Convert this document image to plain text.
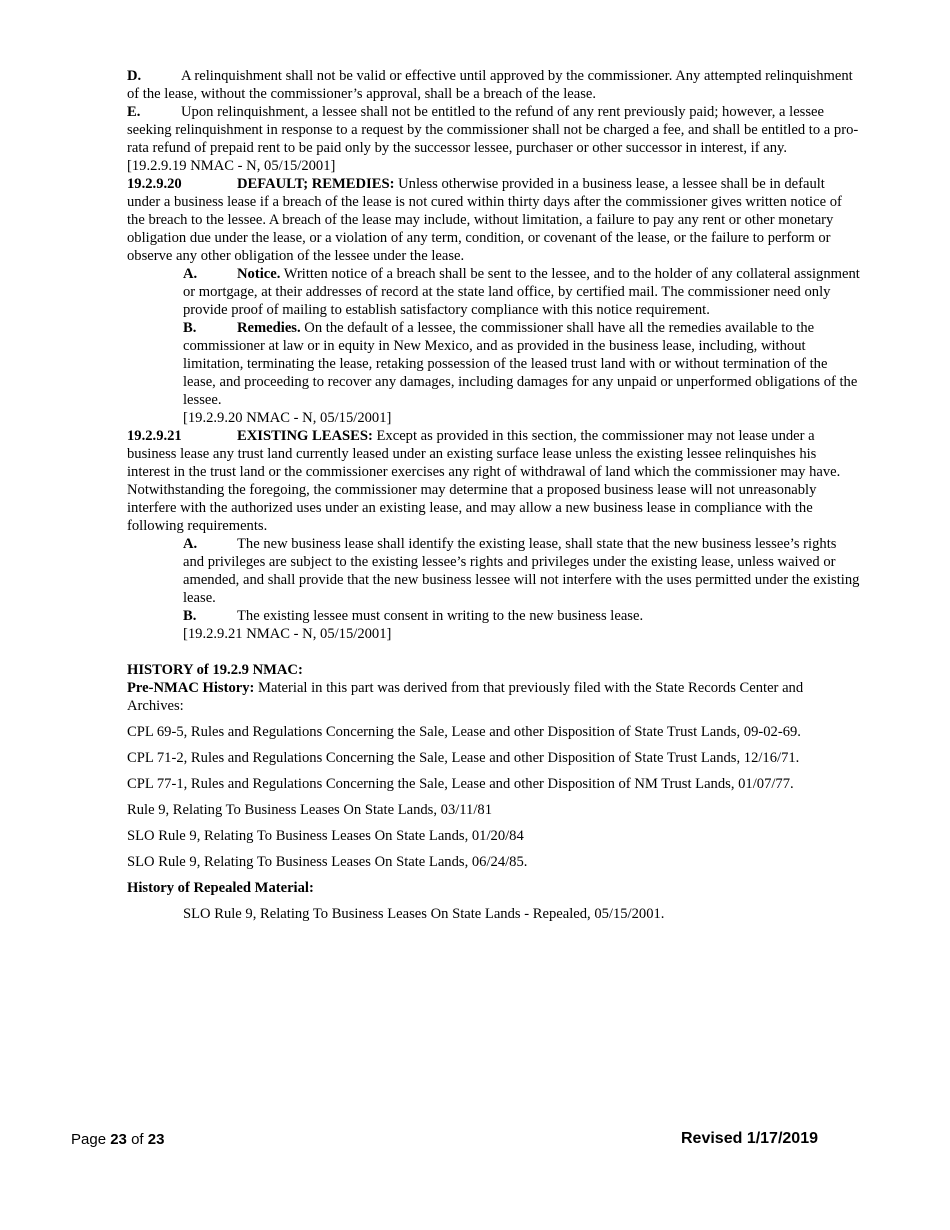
D.	A relinquishment shall not be valid or effective until approved by the commissioner. Any attempted relinquishment of the lease, without the commissioner’s approval, shall be a breach of the lease.

E.	Upon relinquishment, a lessee shall not be entitled to the refund of any rent previously paid; however, a lessee seeking relinquishment in response to a request by the commissioner shall not be charged a fee, and shall be entitled to a pro-rata refund of prepaid rent to be paid only by the successor lessee, purchaser or other successor in interest, if any.

[19.2.9.19 NMAC - N, 05/15/2001]

19.2.9.20	DEFAULT; REMEDIES: Unless otherwise provided in a business lease, a lessee shall be in default under a business lease if a breach of the lease is not cured within thirty days after the commissioner gives written notice of the breach to the lessee. A breach of the lease may include, without limitation, a failure to pay any rent or other monetary obligation due under the lease, or a violation of any term, condition, or covenant of the lease, or the failure to perform or observe any other obligation of the lessee under the lease.

A.	Notice. Written notice of a breach shall be sent to the lessee, and to the holder of any collateral assignment or mortgage, at their addresses of record at the state land office, by certified mail. The commissioner need only provide proof of mailing to establish satisfactory compliance with this notice requirement.

B.	Remedies. On the default of a lessee, the commissioner shall have all the remedies available to the commissioner at law or in equity in New Mexico, and as provided in the business lease, including, without limitation, terminating the lease, retaking possession of the leased trust land with or without termination of the lease, and proceeding to recover any damages, including damages for any unpaid or unperformed obligations of the lessee.

[19.2.9.20 NMAC - N, 05/15/2001]

19.2.9.21	EXISTING LEASES: Except as provided in this section, the commissioner may not lease under a business lease any trust land currently leased under an existing surface lease unless the existing lessee relinquishes his interest in the trust land or the commissioner exercises any right of withdrawal of land which the commissioner may have. Notwithstanding the foregoing, the commissioner may determine that a proposed business lease will not unreasonably interfere with the authorized uses under an existing lease, and may allow a new business lease in compliance with the following requirements.

A.	The new business lease shall identify the existing lease, shall state that the new business lessee’s rights and privileges are subject to the existing lessee’s rights and privileges under the existing lease, unless waived or amended, and shall provide that the new business lessee will not interfere with the uses permitted under the existing lease.

B.	The existing lessee must consent in writing to the new business lease.

[19.2.9.21 NMAC - N, 05/15/2001]

HISTORY of 19.2.9 NMAC:

Pre-NMAC History: Material in this part was derived from that previously filed with the State Records Center and Archives:

CPL 69-5, Rules and Regulations Concerning the Sale, Lease and other Disposition of State Trust Lands, 09-02-69.

CPL 71-2, Rules and Regulations Concerning the Sale, Lease and other Disposition of State Trust Lands, 12/16/71.

CPL 77-1, Rules and Regulations Concerning the Sale, Lease and other Disposition of NM Trust Lands, 01/07/77.

Rule 9, Relating To Business Leases On State Lands, 03/11/81

SLO Rule 9, Relating To Business Leases On State Lands, 01/20/84

SLO Rule 9, Relating To Business Leases On State Lands, 06/24/85.

History of Repealed Material:

SLO Rule 9, Relating To Business Leases On State Lands - Repealed, 05/15/2001.

Page 23 of 23	Revised 1/17/2019
